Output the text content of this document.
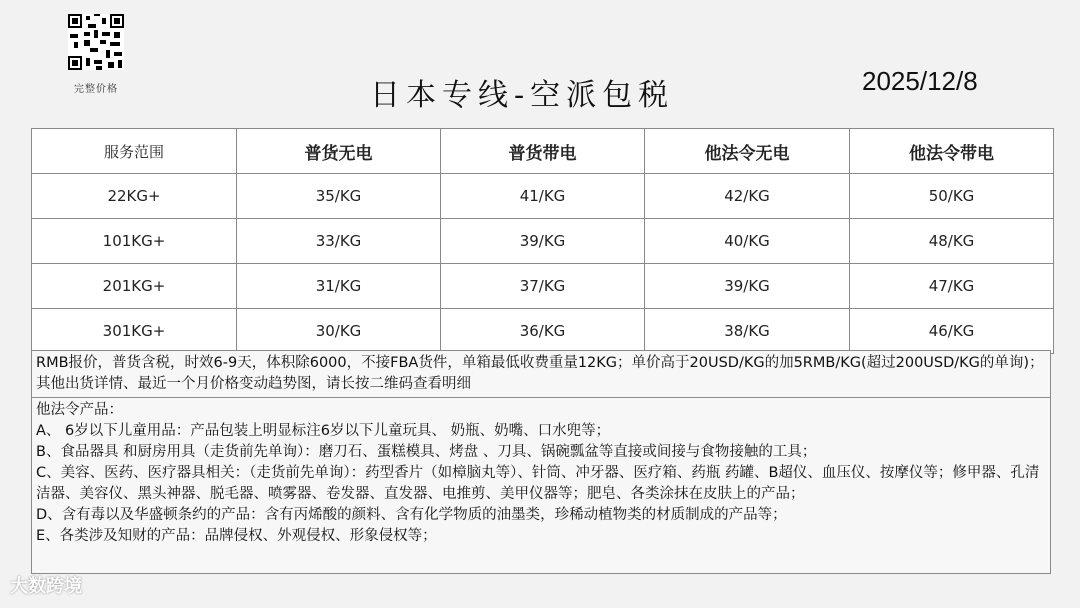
完整价格	日本专线-空派包税	2025/12/8
服务范围	普货无电	普货带电	他法令无电	他法令带电
22KG+	35/KG	41/KG	42/KG	50/KG
101KG+	33/KG	39/KG	40/KG	48/KG
201KG+	31/KG	37/KG	39/KG	47/KG
301KG+	30/KG	36/KG	38/KG	46/KG

RMB报价，普货含税，时效6-9天，体积除6000，不接FBA货件，单箱最低收费重量12KG；单价高于20USD/KG的加5RMB/KG(超过200USD/KG的单询)；其他出货详情、最近一个月价格变动趋势图，请长按二维码查看明细

他法令产品：

A、 6岁以下儿童用品：产品包装上明显标注6岁以下儿童玩具、 奶瓶、奶嘴、口水兜等；

B、食品器具 和厨房用具（走货前先单询）：磨刀石、蛋糕模具、烤盘 、刀具、锅碗瓢盆等直接或间接与食物接触的工具；

C、美容、医药、医疗器具相关：（走货前先单询）：药型香片（如樟脑丸等）、针筒、冲牙器、医疗箱、药瓶 药罐、B超仪、血压仪、按摩仪等；修甲器、孔清洁器、美容仪、黑头神器、脱毛器、喷雾器、卷发器、直发器、电推剪、美甲仪器等；肥皂、各类涂抹在皮肤上的产品；

D、含有毒以及华盛顿条约的产品：含有丙烯酸的颜料、含有化学物质的油墨类，珍稀动植物类的材质制成的产品等；

E、各类涉及知财的产品：品牌侵权、外观侵权、形象侵权等；

大数跨境
